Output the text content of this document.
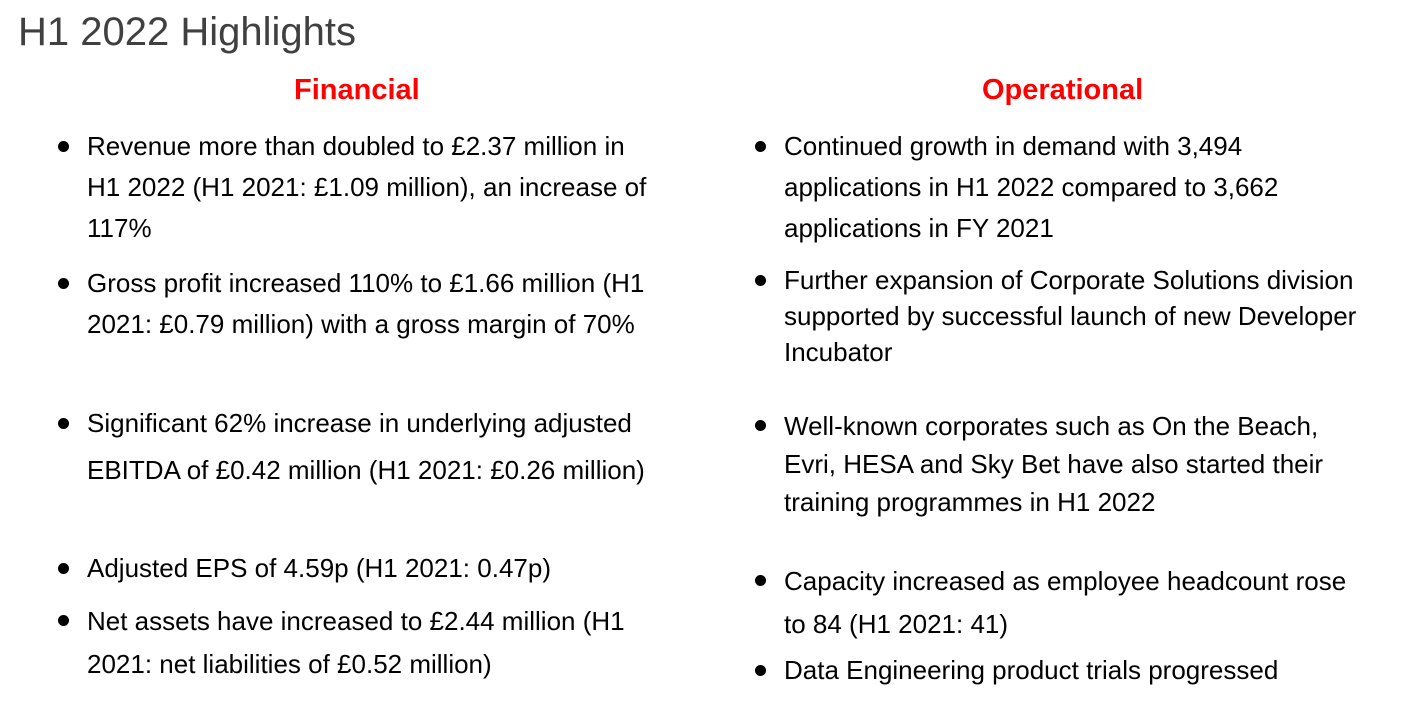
H1 2022 Highlights
Financial
Revenue more than doubled to £2.37 million in H1 2022 (H1 2021: £1.09 million), an increase of 117%
Gross profit increased 110% to £1.66 million (H1 2021: £0.79 million) with a gross margin of 70%
Significant 62% increase in underlying adjusted EBITDA of £0.42 million (H1 2021: £0.26 million)
Adjusted EPS of 4.59p (H1 2021: 0.47p)
Net assets have increased to £2.44 million (H1 2021: net liabilities of £0.52 million)
Operational
Continued growth in demand with 3,494 applications in H1 2022 compared to 3,662 applications in FY 2021
Further expansion of Corporate Solutions division supported by successful launch of new Developer Incubator
Well-known corporates such as On the Beach, Evri, HESA and Sky Bet have also started their training programmes in H1 2022
Capacity increased as employee headcount rose to 84 (H1 2021: 41)
Data Engineering product trials progressed
